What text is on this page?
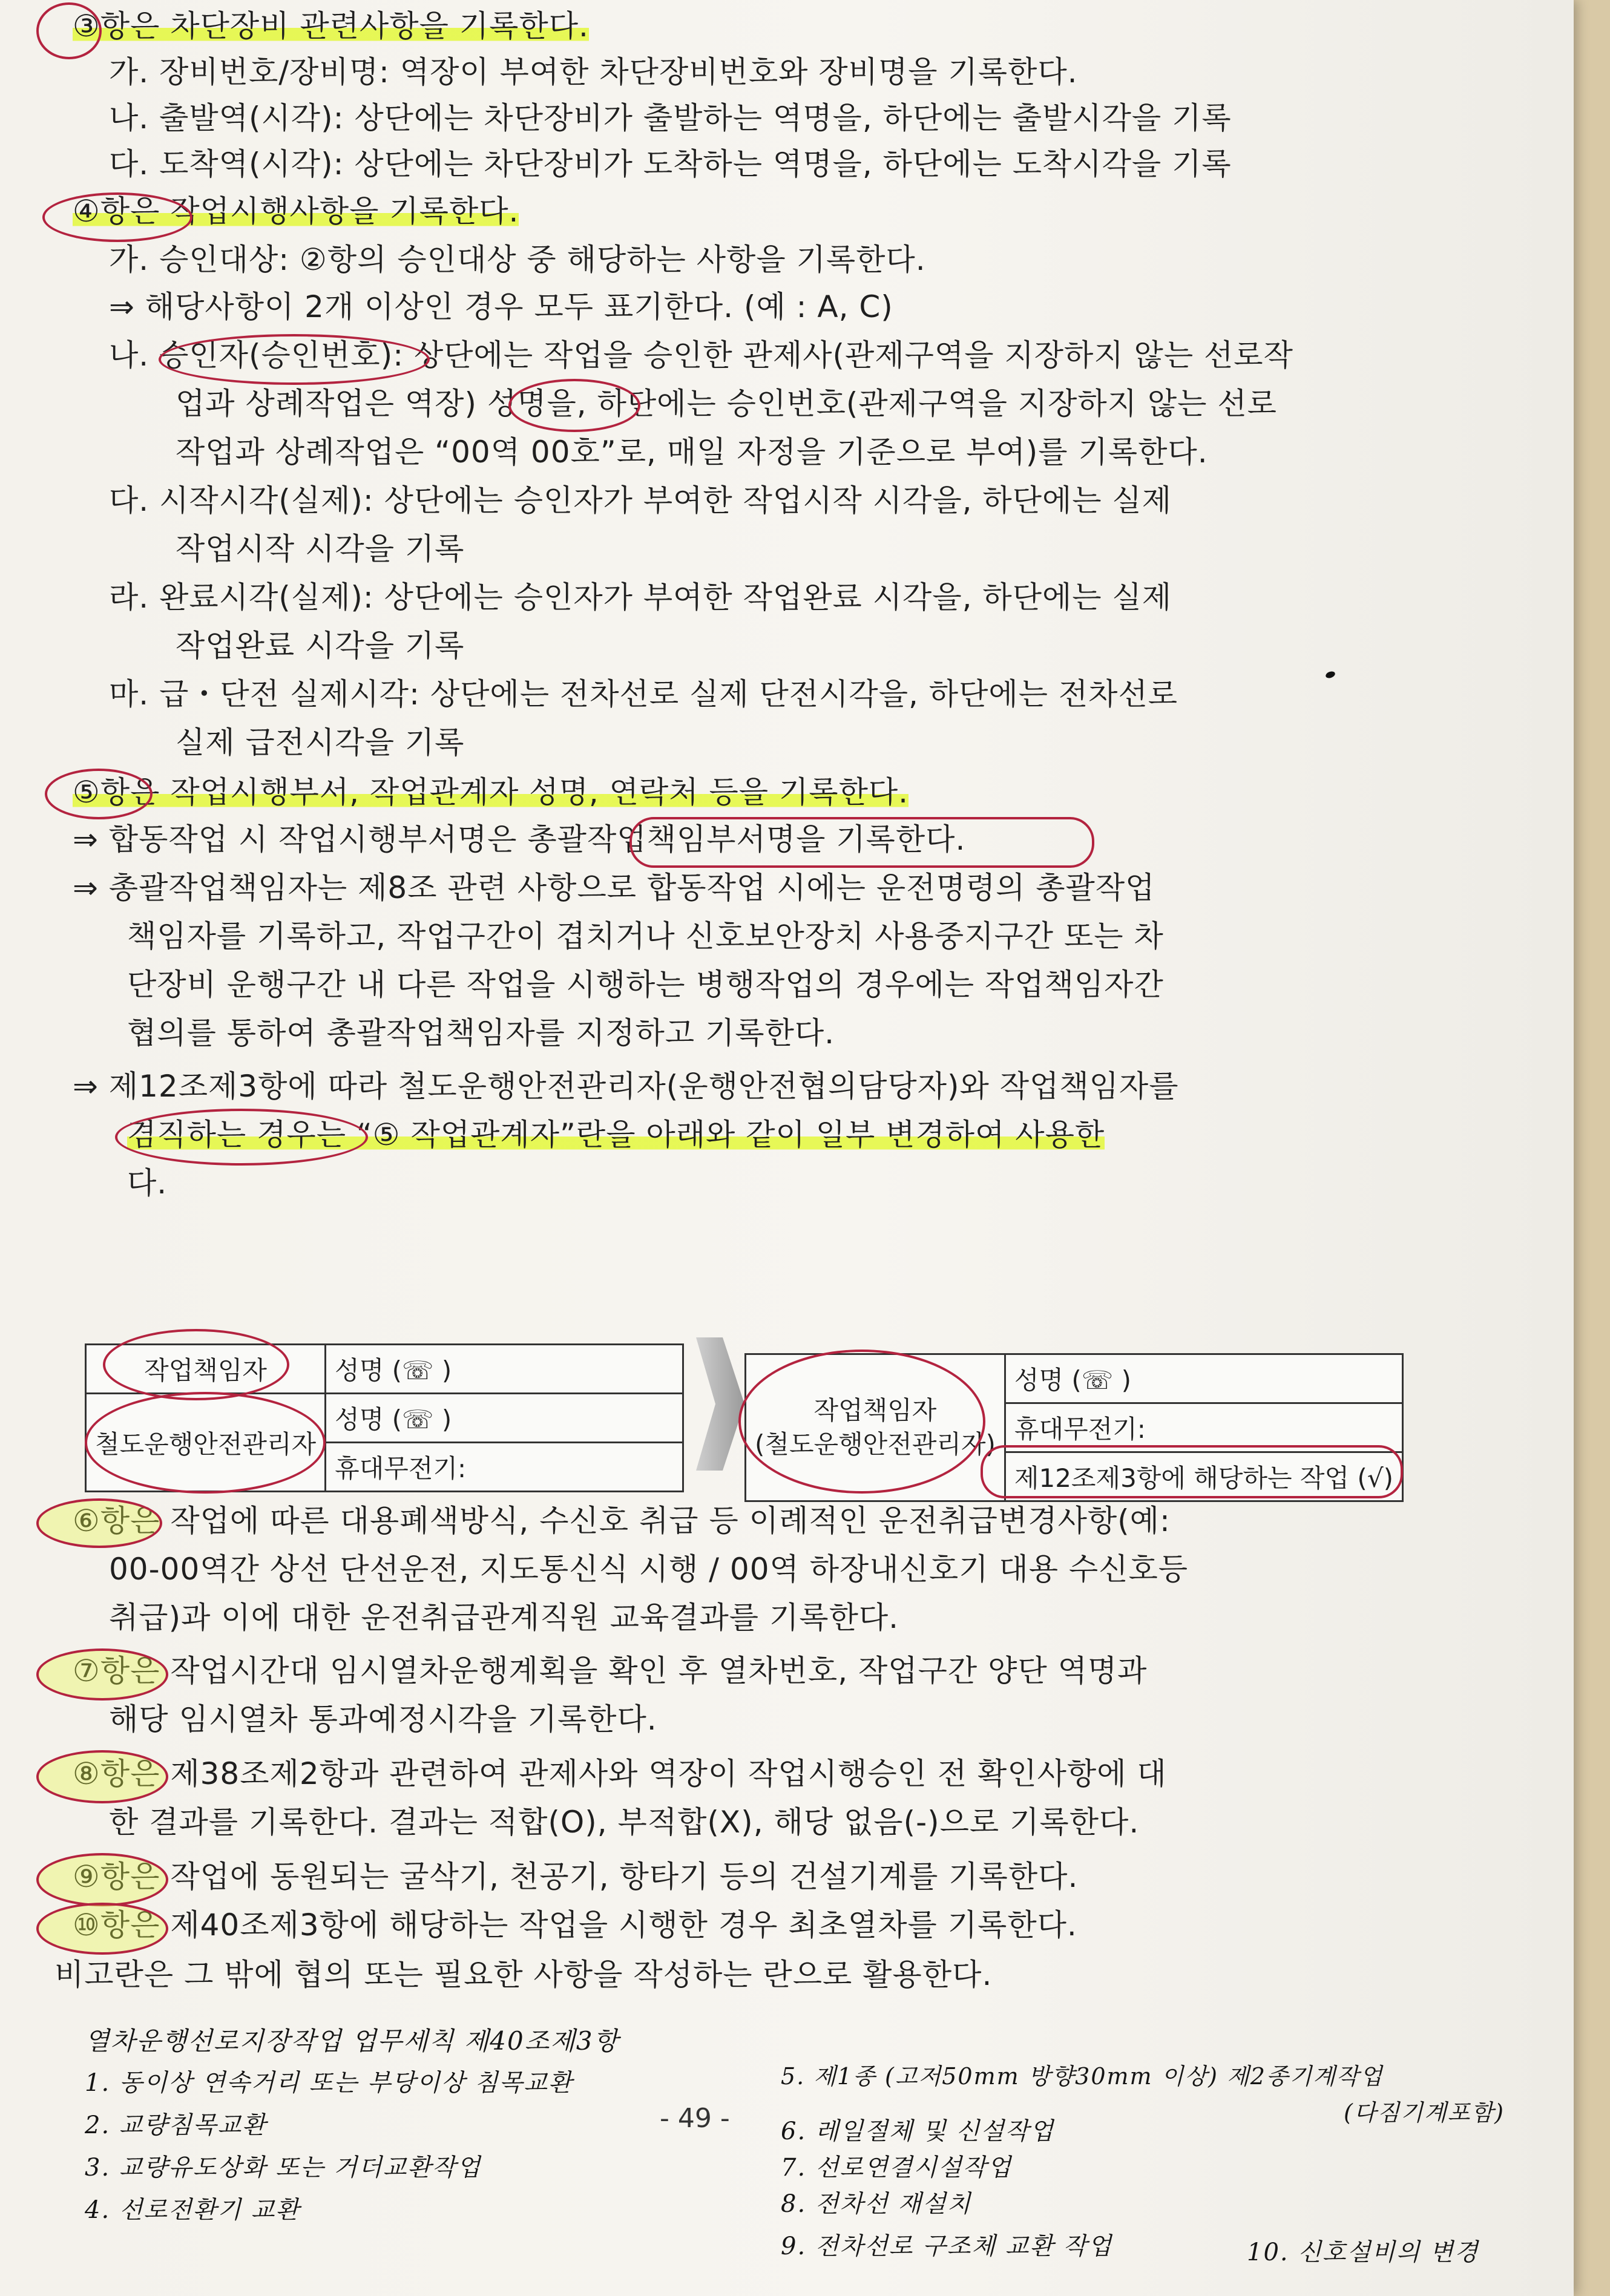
③항은 차단장비 관련사항을 기록한다.
가. 장비번호/장비명: 역장이 부여한 차단장비번호와 장비명을 기록한다.
나. 출발역(시각): 상단에는 차단장비가 출발하는 역명을, 하단에는 출발시각을 기록
다. 도착역(시각): 상단에는 차단장비가 도착하는 역명을, 하단에는 도착시각을 기록
④항은 작업시행사항을 기록한다.
가. 승인대상: ②항의 승인대상 중 해당하는 사항을 기록한다.
⇒ 해당사항이 2개 이상인 경우 모두 표기한다. (예 : A, C)
나. 승인자(승인번호): 상단에는 작업을 승인한 관제사(관제구역을 지장하지 않는 선로작
업과 상례작업은 역장) 성명을, 하단에는 승인번호(관제구역을 지장하지 않는 선로
작업과 상례작업은 “00역 00호”로, 매일 자정을 기준으로 부여)를 기록한다.
다. 시작시각(실제): 상단에는 승인자가 부여한 작업시작 시각을, 하단에는 실제
작업시작 시각을 기록
라. 완료시각(실제): 상단에는 승인자가 부여한 작업완료 시각을, 하단에는 실제
작업완료 시각을 기록
마. 급・단전 실제시각: 상단에는 전차선로 실제 단전시각을, 하단에는 전차선로
실제 급전시각을 기록
⑤항은 작업시행부서, 작업관계자 성명, 연락처 등을 기록한다.
⇒ 합동작업 시 작업시행부서명은 총괄작업책임부서명을 기록한다.
⇒ 총괄작업책임자는 제8조 관련 사항으로 합동작업 시에는 운전명령의 총괄작업
책임자를 기록하고, 작업구간이 겹치거나 신호보안장치 사용중지구간 또는 차
단장비 운행구간 내 다른 작업을 시행하는 병행작업의 경우에는 작업책임자간
협의를 통하여 총괄작업책임자를 지정하고 기록한다.
⇒ 제12조제3항에 따라 철도운행안전관리자(운행안전협의담당자)와 작업책임자를
겸직하는 경우는 “⑤ 작업관계자”란을 아래와 같이 일부 변경하여 사용한
다.
작업책임자	성명 (☏ )
철도운행안전관리자	성명 (☏ )
	휴대무전기:
작업책임자
(철도운행안전관리자)
	성명 (☏ )
휴대무전기:
제12조제3항에 해당하는 작업 (√)
⑥항은 작업에 따른 대용폐색방식, 수신호 취급 등 이례적인 운전취급변경사항(예:
00-00역간 상선 단선운전, 지도통신식 시행 / 00역 하장내신호기 대용 수신호등
취급)과 이에 대한 운전취급관계직원 교육결과를 기록한다.
⑦항은 작업시간대 임시열차운행계획을 확인 후 열차번호, 작업구간 양단 역명과
해당 임시열차 통과예정시각을 기록한다.
⑧항은 제38조제2항과 관련하여 관제사와 역장이 작업시행승인 전 확인사항에 대
한 결과를 기록한다. 결과는 적합(O), 부적합(X), 해당 없음(-)으로 기록한다.
⑨항은 작업에 동원되는 굴삭기, 천공기, 항타기 등의 건설기계를 기록한다.
⑩항은 제40조제3항에 해당하는 작업을 시행한 경우 최초열차를 기록한다.
비고란은 그 밖에 협의 또는 필요한 사항을 작성하는 란으로 활용한다.
- 49 -
열차운행선로지장작업 업무세칙 제40조제3항
1. 동이상 연속거리 또는 부당이상 침목교환
2. 교량침목교환
3. 교량유도상화 또는 거더교환작업
4. 선로전환기 교환
5. 제1종 (고저50mm 방향30mm 이상) 제2종기계작업
(다짐기계포함)
6. 레일절체 및 신설작업
7. 선로연결시설작업
8. 전차선 재설치
9. 전차선로 구조체 교환 작업	10. 신호설비의 변경
